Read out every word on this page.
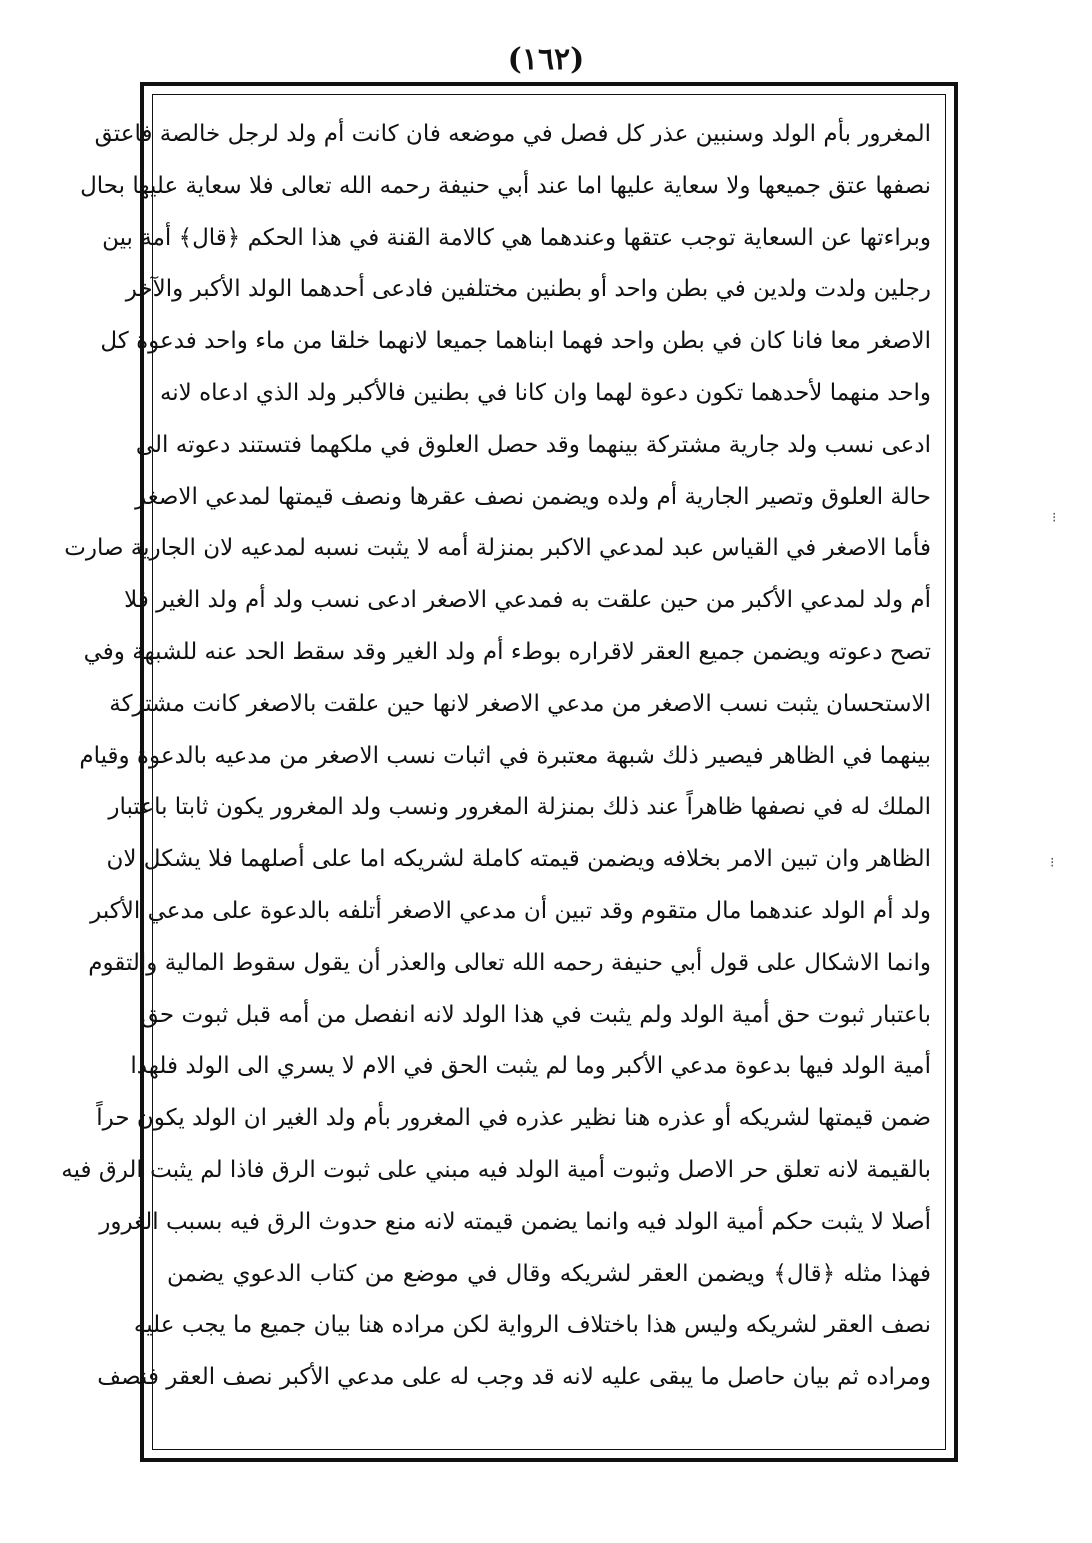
(١٦٢)
المغرور بأم الولد وسنبين عذر كل فصل في موضعه فان كانت أم ولد لرجل خالصة فاعتق
نصفها عتق جميعها ولا سعاية عليها اما عند أبي حنيفة رحمه الله تعالى فلا سعاية عليها بحال
وبراءتها عن السعاية توجب عتقها وعندهما هي كالامة القنة في هذا الحكم ﴿قال﴾ أمة بين
رجلين ولدت ولدين في بطن واحد أو بطنين مختلفين فادعى أحدهما الولد الأكبر والآخر
الاصغر معا فانا كان في بطن واحد فهما ابناهما جميعا لانهما خلقا من ماء واحد فدعوة كل
واحد منهما لأحدهما تكون دعوة لهما وان كانا في بطنين فالأكبر ولد الذي ادعاه لانه
ادعى نسب ولد جارية مشتركة بينهما وقد حصل العلوق في ملكهما فتستند دعوته الى
حالة العلوق وتصير الجارية أم ولده ويضمن نصف عقرها ونصف قيمتها لمدعي الاصغر
فأما الاصغر في القياس عبد لمدعي الاكبر بمنزلة أمه لا يثبت نسبه لمدعيه لان الجارية صارت
أم ولد لمدعي الأكبر من حين علقت به فمدعي الاصغر ادعى نسب ولد أم ولد الغير فلا
تصح دعوته ويضمن جميع العقر لاقراره بوطء أم ولد الغير وقد سقط الحد عنه للشبهة وفي
الاستحسان يثبت نسب الاصغر من مدعي الاصغر لانها حين علقت بالاصغر كانت مشتركة
بينهما في الظاهر فيصير ذلك شبهة معتبرة في اثبات نسب الاصغر من مدعيه بالدعوة وقيام
الملك له في نصفها ظاهراً عند ذلك بمنزلة المغرور ونسب ولد المغرور يكون ثابتا باعتبار
الظاهر وان تبين الامر بخلافه ويضمن قيمته كاملة لشريكه اما على أصلهما فلا يشكل لان
ولد أم الولد عندهما مال متقوم وقد تبين أن مدعي الاصغر أتلفه بالدعوة على مدعي الأكبر
وانما الاشكال على قول أبي حنيفة رحمه الله تعالى والعذر أن يقول سقوط المالية والتقوم
باعتبار ثبوت حق أمية الولد ولم يثبت في هذا الولد لانه انفصل من أمه قبل ثبوت حق
أمية الولد فيها بدعوة مدعي الأكبر وما لم يثبت الحق في الام لا يسري الى الولد فلهذا
ضمن قيمتها لشريكه أو عذره هنا نظير عذره في المغرور بأم ولد الغير ان الولد يكون حراً
بالقيمة لانه تعلق حر الاصل وثبوت أمية الولد فيه مبني على ثبوت الرق فاذا لم يثبت الرق فيه
أصلا لا يثبت حكم أمية الولد فيه وانما يضمن قيمته لانه منع حدوث الرق فيه بسبب الغرور
فهذا مثله ﴿قال﴾ ويضمن العقر لشريكه وقال في موضع من كتاب الدعوي يضمن
نصف العقر لشريكه وليس هذا باختلاف الرواية لكن مراده هنا بيان جميع ما يجب عليه
ومراده ثم بيان حاصل ما يبقى عليه لانه قد وجب له على مدعي الأكبر نصف العقر فنصف
⁝
⁝
